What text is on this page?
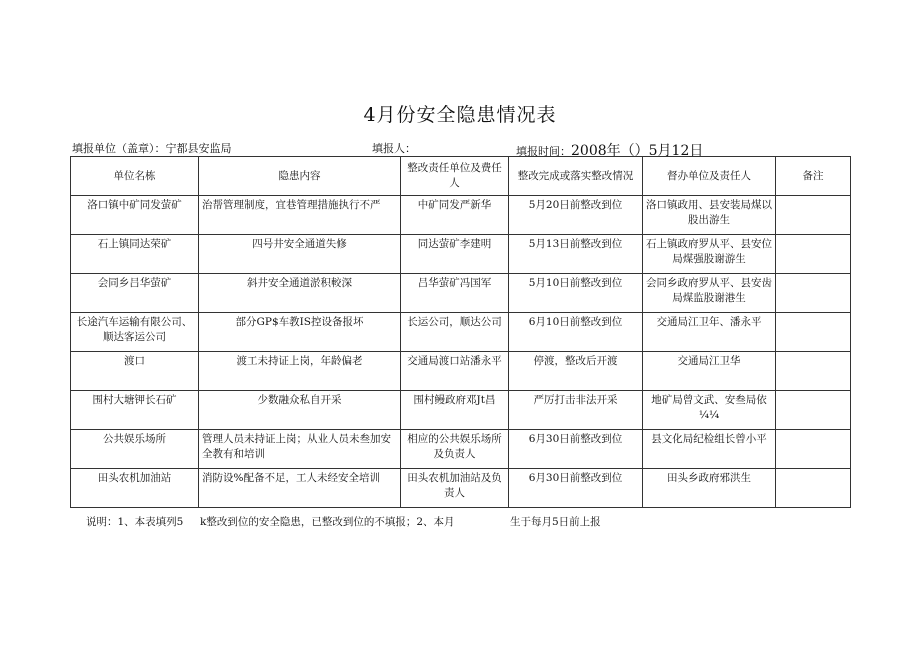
4月份安全隐患情况表
填报单位（盖章）：宁都县安监局	填报人：	填报时间：2008年（）5月12日
单位名栋	隐患内容	整改责任单位及费任人	整改完成或落实整改情况	督办单位及责任人	备注
洛口镇中矿同发萤矿	治帮管理制度，宜巷管理措施执行不严	中矿同发严新华	5月20日前整改到位	洛口镇政用、县安装局煤以股出游生	
石上镇同达荣矿	四号井安全通道失修	同达萤矿李建明	5月13日前整改到位	石上镇政府罗从平、县安位局煤强股谢游生	
会同乡吕华萤矿	斜井安全通道淤积較深	吕华萤矿冯国军	5月10日前整改到位	会同乡政府罗从平、县安齿局煤监股谢港生	
长途汽车运输有限公司、顺达客运公司	部分GP$车教IS控设备报坏	长运公司，顺达公司	6月10日前整改到位	交通局江卫年、潘永平	
渡口	渡工未持证上岗，年龄偏老	交通局渡口站潘永平	停渡，整改后开渡	交通局江卫华	
围村大塘钾长石矿	少数融众私自开采	围村鳗政府邓Jt昌	严厉打击非法开采	地矿局曾文武、安叁局依¼¼	
公共娱乐场所	管理人员未持证上岗；从业人员未叁加安全教有和培训	相应的公共娱乐场所及负责人	6月30日前整改到位	县文化局纪检组长曾小平	
田头农机加油站	消防设%配备不足，工人未经安全培训	田头农机加油站及负责人	6月30日前整改到位	田头乡政府邪洪生	
说明：1、本表填列5 k整改到位的安全隐患，已整改到位的不填报；2、本月	生于每月5日前上报
